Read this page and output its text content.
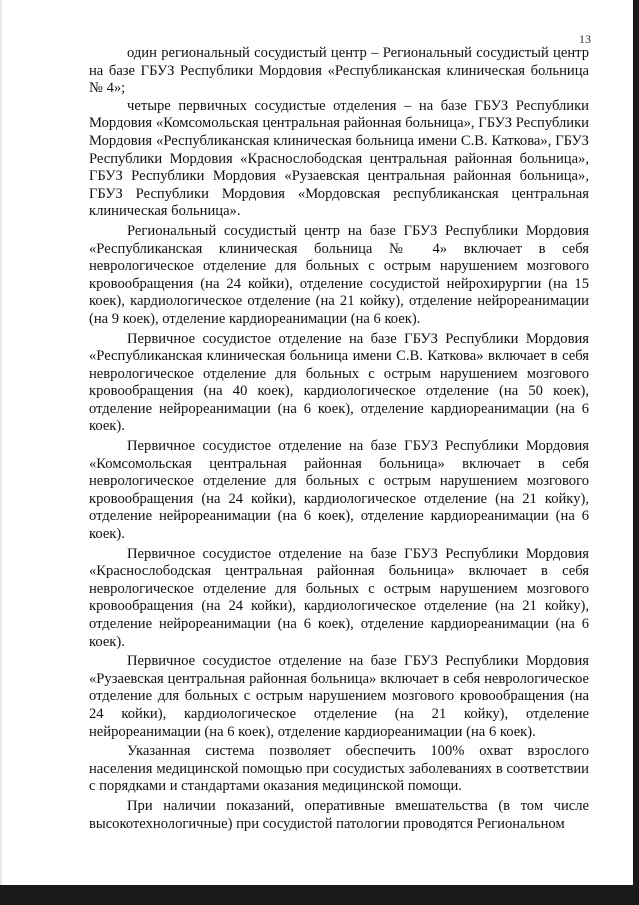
13

один региональный сосудистый центр – Региональный сосудистый центр на базе ГБУЗ Республики Мордовия «Республиканская клиническая больница № 4»;

четыре первичных сосудистые отделения – на базе ГБУЗ Республики Мордовия «Комсомольская центральная районная больница», ГБУЗ Республики Мордовия «Республиканская клиническая больница имени С.В. Каткова», ГБУЗ Республики Мордовия «Краснослободская центральная районная больница», ГБУЗ Республики Мордовия «Рузаевская центральная районная больница», ГБУЗ Республики Мордовия «Мордовская республиканская центральная клиническая больница».

Региональный сосудистый центр на базе ГБУЗ Республики Мордовия «Республиканская клиническая больница № 4» включает в себя неврологическое отделение для больных с острым нарушением мозгового кровообращения (на 24 койки), отделение сосудистой нейрохирургии (на 15 коек), кардиологическое отделение (на 21 койку), отделение нейрореанимации (на 9 коек), отделение кардиореанимации (на 6 коек).

Первичное сосудистое отделение на базе ГБУЗ Республики Мордовия «Республиканская клиническая больница имени С.В. Каткова» включает в себя неврологическое отделение для больных с острым нарушением мозгового кровообращения (на 40 коек), кардиологическое отделение (на 50 коек), отделение нейрореанимации (на 6 коек), отделение кардиореанимации (на 6 коек).

Первичное сосудистое отделение на базе ГБУЗ Республики Мордовия «Комсомольская центральная районная больница» включает в себя неврологическое отделение для больных с острым нарушением мозгового кровообращения (на 24 койки), кардиологическое отделение (на 21 койку), отделение нейрореанимации (на 6 коек), отделение кардиореанимации (на 6 коек).

Первичное сосудистое отделение на базе ГБУЗ Республики Мордовия «Краснослободская центральная районная больница» включает в себя неврологическое отделение для больных с острым нарушением мозгового кровообращения (на 24 койки), кардиологическое отделение (на 21 койку), отделение нейрореанимации (на 6 коек), отделение кардиореанимации (на 6 коек).

Первичное сосудистое отделение на базе ГБУЗ Республики Мордовия «Рузаевская центральная районная больница» включает в себя неврологическое отделение для больных с острым нарушением мозгового кровообращения (на 24 койки), кардиологическое отделение (на 21 койку), отделение нейрореанимации (на 6 коек), отделение кардиореанимации (на 6 коек).

Указанная система позволяет обеспечить 100% охват взрослого населения медицинской помощью при сосудистых заболеваниях в соответствии с порядками и стандартами оказания медицинской помощи.

При наличии показаний, оперативные вмешательства (в том числе высокотехнологичные) при сосудистой патологии проводятся Региональном
